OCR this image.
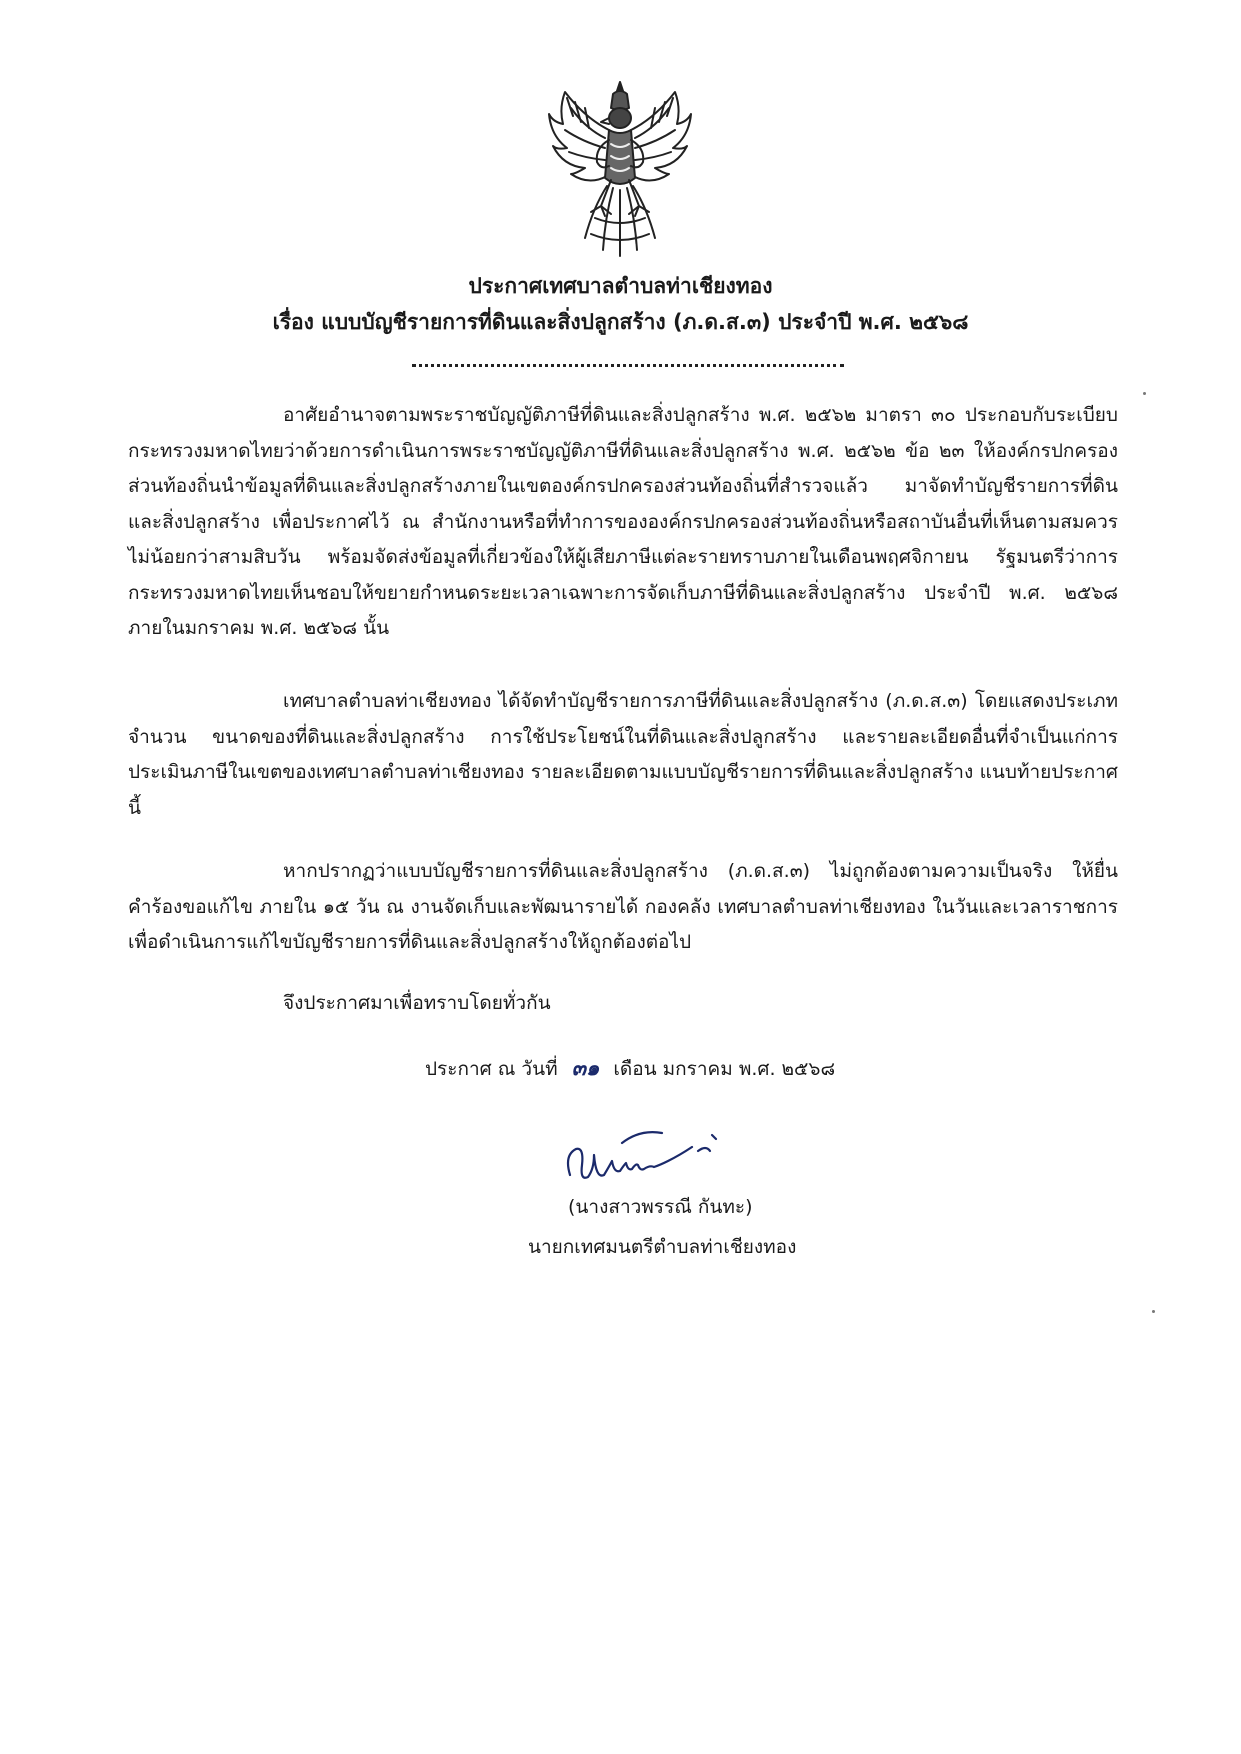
ประกาศเทศบาลตำบลท่าเชียงทอง
เรื่อง แบบบัญชีรายการที่ดินและสิ่งปลูกสร้าง (ภ.ด.ส.๓) ประจำปี พ.ศ. ๒๕๖๘

อาศัยอำนาจตามพระราชบัญญัติภาษีที่ดินและสิ่งปลูกสร้าง พ.ศ. ๒๕๖๒ มาตรา ๓๐ ประกอบกับระเบียบกระทรวงมหาดไทยว่าด้วยการดำเนินการพระราชบัญญัติภาษีที่ดินและสิ่งปลูกสร้าง พ.ศ. ๒๕๖๒ ข้อ ๒๓ ให้องค์กรปกครองส่วนท้องถิ่นนำข้อมูลที่ดินและสิ่งปลูกสร้างภายในเขตองค์กรปกครองส่วนท้องถิ่นที่สำรวจแล้ว มาจัดทำบัญชีรายการที่ดินและสิ่งปลูกสร้าง เพื่อประกาศไว้ ณ สำนักงานหรือที่ทำการขององค์กรปกครองส่วนท้องถิ่นหรือสถาบันอื่นที่เห็นตามสมควร ไม่น้อยกว่าสามสิบวัน พร้อมจัดส่งข้อมูลที่เกี่ยวข้องให้ผู้เสียภาษีแต่ละรายทราบภายในเดือนพฤศจิกายน รัฐมนตรีว่าการกระทรวงมหาดไทยเห็นชอบให้ขยายกำหนดระยะเวลาเฉพาะการจัดเก็บภาษีที่ดินและสิ่งปลูกสร้าง ประจำปี พ.ศ. ๒๕๖๘ ภายในมกราคม พ.ศ. ๒๕๖๘ นั้น

เทศบาลตำบลท่าเชียงทอง ได้จัดทำบัญชีรายการภาษีที่ดินและสิ่งปลูกสร้าง (ภ.ด.ส.๓) โดยแสดงประเภท จำนวน ขนาดของที่ดินและสิ่งปลูกสร้าง การใช้ประโยชน์ในที่ดินและสิ่งปลูกสร้าง และรายละเอียดอื่นที่จำเป็นแก่การประเมินภาษีในเขตของเทศบาลตำบลท่าเชียงทอง รายละเอียดตามแบบบัญชีรายการที่ดินและสิ่งปลูกสร้าง แนบท้ายประกาศนี้

หากปรากฏว่าแบบบัญชีรายการที่ดินและสิ่งปลูกสร้าง (ภ.ด.ส.๓) ไม่ถูกต้องตามความเป็นจริง ให้ยื่นคำร้องขอแก้ไข ภายใน ๑๕ วัน ณ งานจัดเก็บและพัฒนารายได้ กองคลัง เทศบาลตำบลท่าเชียงทอง ในวันและเวลาราชการ เพื่อดำเนินการแก้ไขบัญชีรายการที่ดินและสิ่งปลูกสร้างให้ถูกต้องต่อไป

จึงประกาศมาเพื่อทราบโดยทั่วกัน
ประกาศ ณ วันที่ ๓๑ เดือน มกราคม พ.ศ. ๒๕๖๘
(นางสาวพรรณี กันทะ)
นายกเทศมนตรีตำบลท่าเชียงทอง
